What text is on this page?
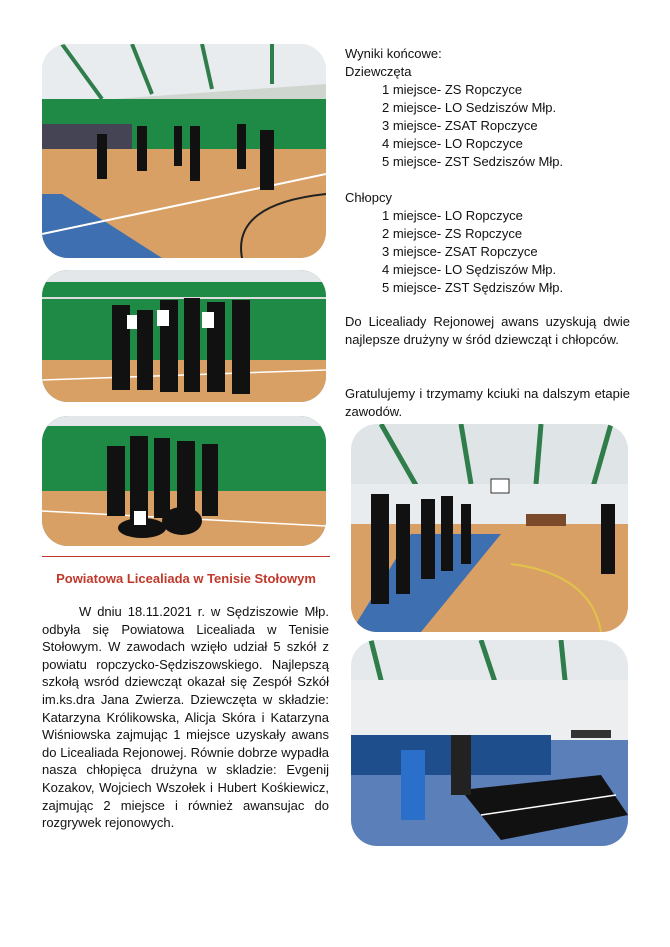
Wyniki końcowe:
Dziewczęta
1 miejsce- ZS Ropczyce
2 miejsce- LO Sedziszów Młp.
3 miejsce- ZSAT Ropczyce
4 miejsce- LO Ropczyce
5 miejsce- ZST Sedziszów Młp.
Chłopcy
1 miejsce- LO Ropczyce
2 miejsce- ZS Ropczyce
3 miejsce- ZSAT Ropczyce
4 miejsce- LO Sędziszów Młp.
5 miejsce- ZST Sędziszów Młp.
Do Licealiady Rejonowej awans uzyskują dwie najlepsze drużyny w śród dziewcząt i chłopców.
Gratulujemy i trzymamy kciuki na dalszym etapie zawodów.
Powiatowa Licealiada w Tenisie Stołowym
W dniu 18.11.2021 r. w Sędziszowie Młp. odbyła się Powiatowa Licealiada w Tenisie Stołowym. W zawodach wzięło udział 5 szkół z powiatu ropczycko-Sędziszowskiego. Najlepszą szkołą wsród dziewcząt okazał się Zespół Szkół im.ks.dra Jana Zwierza. Dziewczęta w składzie: Katarzyna Królikowska, Alicja Skóra i Katarzyna Wiśniowska zajmując 1 miejsce uzyskały awans do Licealiada Rejonowej. Równie dobrze wypadła nasza chłopięca drużyna w skladzie: Evgenij Kozakov, Wojciech Wszołek i Hubert Kośkiewicz, zajmując 2 miejsce i również awansujac do rozgrywek rejonowych.
